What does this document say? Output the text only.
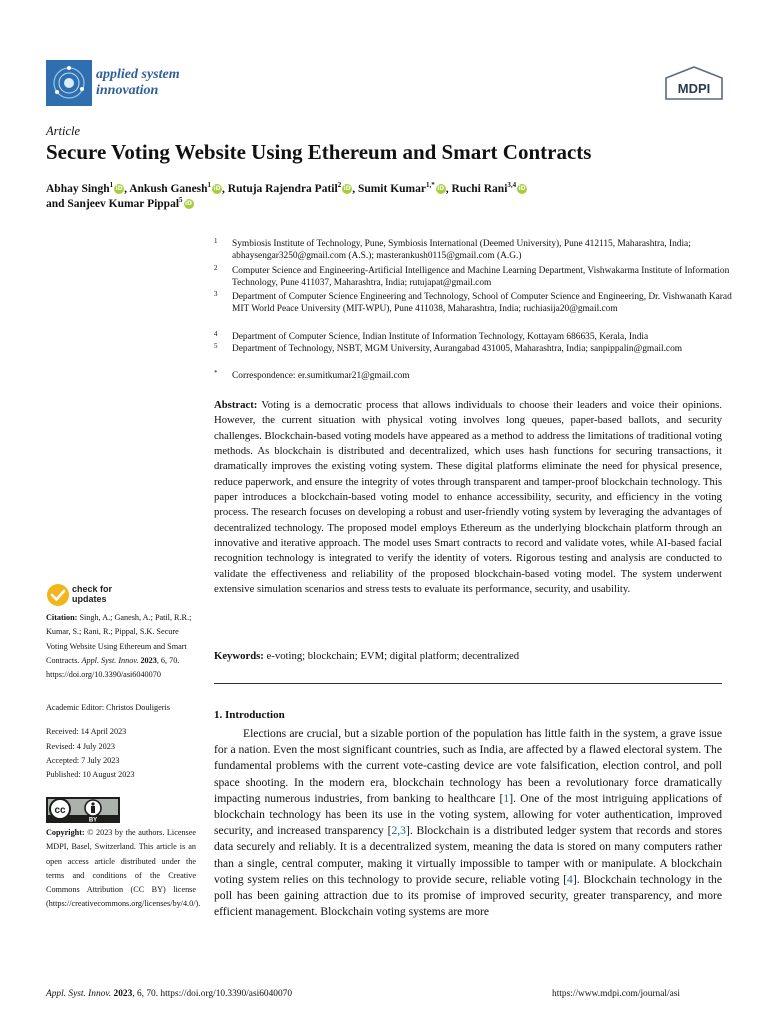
applied system
innovation	MDPI
Article
Secure Voting Website Using Ethereum and Smart Contracts
Abhay Singh$^1$ iD, Ankush Ganesh$^1$ iD, Rutuja Rajendra Patil$^2$ iD, Sumit Kumar$^{1,*}$ iD, Ruchi Rani$^{3,4}$ iD
and Sanjeev Kumar Pippal$^5$ iD
1 Symbiosis Institute of Technology, Pune, Symbiosis International (Deemed University), Pune 412115, Maharashtra, India; abhaysengar3250@gmail.com (A.S.); masterankush0115@gmail.com (A.G.)
2 Computer Science and Engineering-Artificial Intelligence and Machine Learning Department, Vishwakarma Institute of Information Technology, Pune 411037, Maharashtra, India; rutujapat@gmail.com
3 Department of Computer Science Engineering and Technology, School of Computer Science and Engineering, Dr. Vishwanath Karad MIT World Peace University (MIT-WPU), Pune 411038, Maharashtra, India; ruchiasija20@gmail.com
4 Department of Computer Science, Indian Institute of Information Technology, Kottayam 686635, Kerala, India
5 Department of Technology, NSBT, MGM University, Aurangabad 431005, Maharashtra, India; sanpippalin@gmail.com
* Correspondence: er.sumitkumar21@gmail.com
Abstract: Voting is a democratic process that allows individuals to choose their leaders and voice their opinions. However, the current situation with physical voting involves long queues, paper-based ballots, and security challenges. Blockchain-based voting models have appeared as a method to address the limitations of traditional voting methods. As blockchain is distributed and decentralized, which uses hash functions for securing transactions, it dramatically improves the existing voting system. These digital platforms eliminate the need for physical presence, reduce paperwork, and ensure the integrity of votes through transparent and tamper-proof blockchain technology. This paper introduces a blockchain-based voting model to enhance accessibility, security, and efficiency in the voting process. The research focuses on developing a robust and user-friendly voting system by leveraging the advantages of decentralized technology. The proposed model employs Ethereum as the underlying blockchain platform through an innovative and iterative approach. The model uses Smart contracts to record and validate votes, while AI-based facial recognition technology is integrated to verify the identity of voters. Rigorous testing and analysis are conducted to validate the effectiveness and reliability of the proposed blockchain-based voting model. The system underwent extensive simulation scenarios and stress tests to evaluate its performance, security, and usability.
Keywords: e-voting; blockchain; EVM; digital platform; decentralized
1. Introduction
Elections are crucial, but a sizable portion of the population has little faith in the system, a grave issue for a nation. Even the most significant countries, such as India, are affected by a flawed electoral system. The fundamental problems with the current vote-casting device are vote falsification, election control, and poll space shooting. In the modern era, blockchain technology has been a revolutionary force dramatically impacting numerous industries, from banking to healthcare [1]. One of the most intriguing applications of blockchain technology has been its use in the voting system, allowing for voter authentication, improved security, and increased transparency [2,3]. Blockchain is a distributed ledger system that records and stores data securely and reliably. It is a decentralized system, meaning the data is stored on many computers rather than a single, central computer, making it virtually impossible to tamper with or manipulate. A blockchain voting system relies on this technology to provide secure, reliable voting [4]. Blockchain technology in the poll has been gaining attraction due to its promise of improved security, greater transparency, and more efficient management. Blockchain voting systems are more
check for
updates
Citation: Singh, A.; Ganesh, A.; Patil, R.R.; Kumar, S.; Rani, R.; Pippal, S.K. Secure Voting Website Using Ethereum and Smart Contracts. Appl. Syst. Innov. 2023, 6, 70. https://doi.org/10.3390/asi6040070
Academic Editor: Christos Douligeris
Received: 14 April 2023
Revised: 4 July 2023
Accepted: 7 July 2023
Published: 10 August 2023
cc
BY
Copyright: © 2023 by the authors. Licensee MDPI, Basel, Switzerland. This article is an open access article distributed under the terms and conditions of the Creative Commons Attribution (CC BY) license (https://creativecommons.org/licenses/by/4.0/).
Appl. Syst. Innov. 2023, 6, 70. https://doi.org/10.3390/asi6040070	https://www.mdpi.com/journal/asi
